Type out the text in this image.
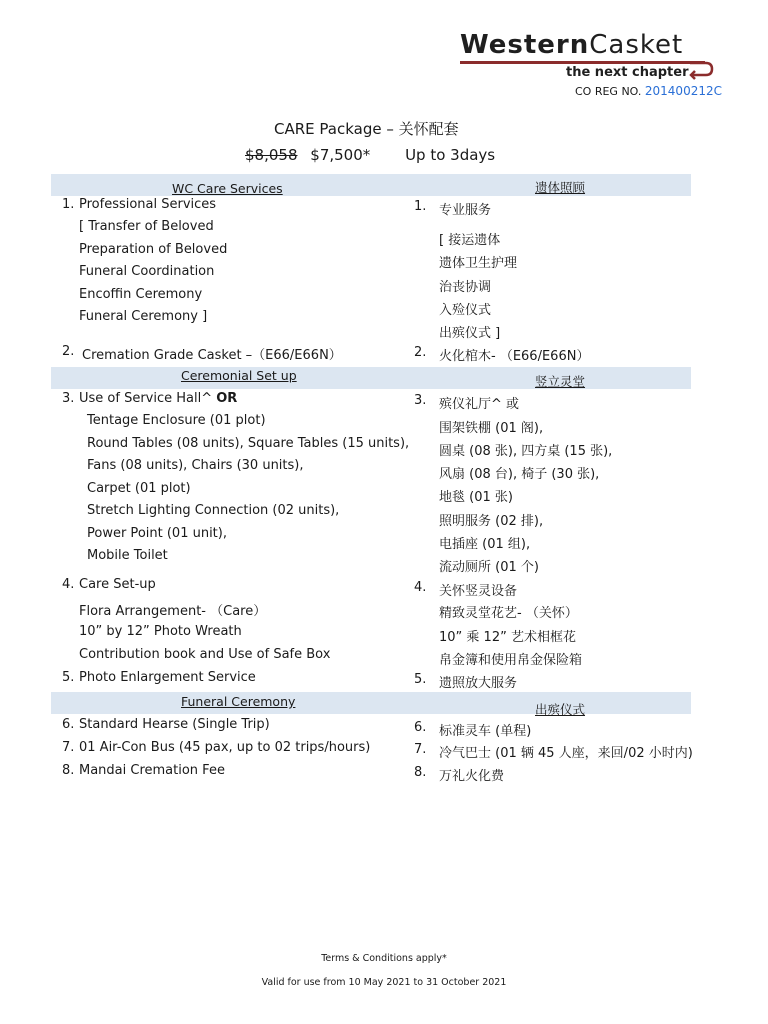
WesternCasket
the next chapter
CO REG NO. 201400212C
CARE Package – 关怀配套
$8,058 $7,500* Up to 3days
WC Care Services	遗体照顾
1. Professional Services
[ Transfer of Beloved
Preparation of Beloved
Funeral Coordination
Encoffin Ceremony
Funeral Ceremony ]
2. Cremation Grade Casket –（E66/E66N）
1. 专业服务
[ 接运遗体
遗体卫生护理
治丧协调
入殓仪式
出殡仪式 ]
2. 火化棺木- （E66/E66N）
Ceremonial Set up	竖立灵堂
3. Use of Service Hall^ OR
Tentage Enclosure (01 plot)
Round Tables (08 units), Square Tables (15 units),
Fans (08 units), Chairs (30 units),
Carpet (01 plot)
Stretch Lighting Connection (02 units),
Power Point (01 unit),
Mobile Toilet
4. Care Set-up
Flora Arrangement- （Care）
10” by 12” Photo Wreath
Contribution book and Use of Safe Box
5. Photo Enlargement Service
3. 殡仪礼厅^ 或
围架铁棚 (01 阁),
圆桌 (08 张), 四方桌 (15 张),
风扇 (08 台), 椅子 (30 张),
地毯 (01 张)
照明服务 (02 排),
电插座 (01 组),
流动厕所 (01 个)
4. 关怀竖灵设备
精致灵堂花艺- （关怀）
10” 乘 12” 艺术相框花
帛金簿和使用帛金保险箱
5. 遗照放大服务
Funeral Ceremony
出殡仪式
6. Standard Hearse (Single Trip)
7. 01 Air-Con Bus (45 pax, up to 02 trips/hours)
8. Mandai Cremation Fee
6. 标准灵车 (单程)
7. 冷气巴士 (01 辆 45 人座，来回/02 小时内)
8. 万礼火化费
Terms & Conditions apply*
Valid for use from 10 May 2021 to 31 October 2021
